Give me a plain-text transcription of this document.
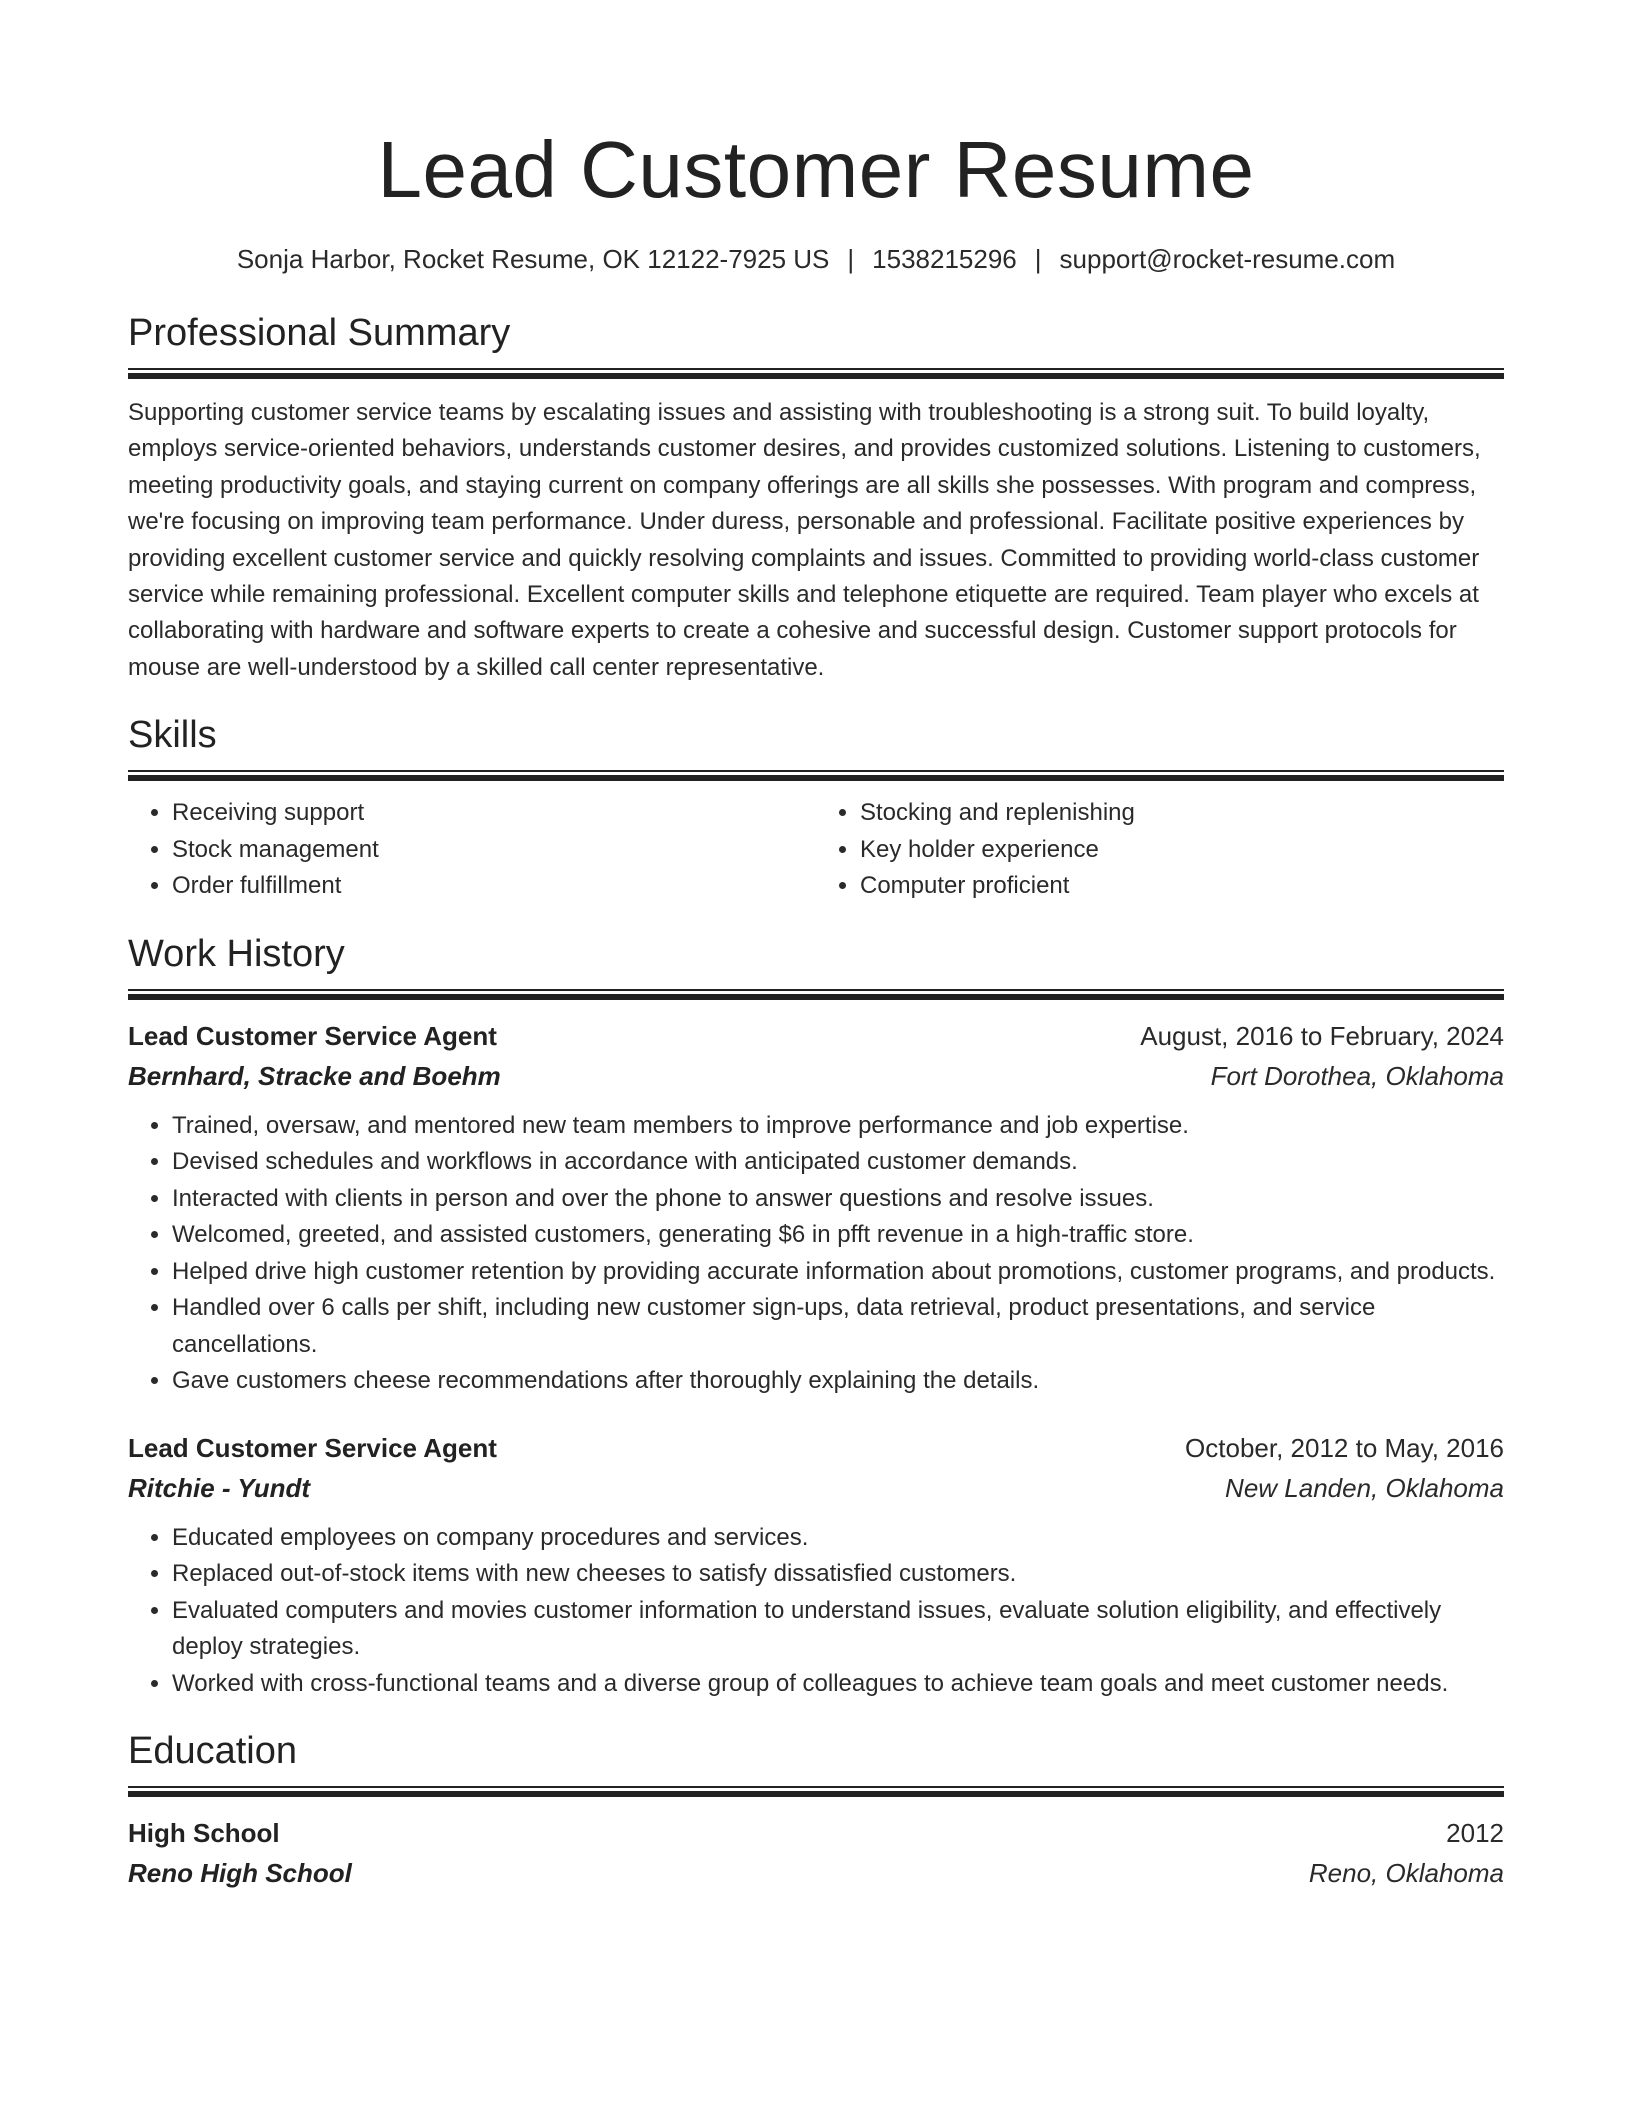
Lead Customer Resume
Sonja Harbor, Rocket Resume, OK 12122-7925 US | 1538215296 | support@rocket-resume.com
Professional Summary
Supporting customer service teams by escalating issues and assisting with troubleshooting is a strong suit. To build loyalty, employs service-oriented behaviors, understands customer desires, and provides customized solutions. Listening to customers, meeting productivity goals, and staying current on company offerings are all skills she possesses. With program and compress, we're focusing on improving team performance. Under duress, personable and professional. Facilitate positive experiences by providing excellent customer service and quickly resolving complaints and issues. Committed to providing world-class customer service while remaining professional. Excellent computer skills and telephone etiquette are required. Team player who excels at collaborating with hardware and software experts to create a cohesive and successful design. Customer support protocols for mouse are well-understood by a skilled call center representative.
Skills
• Receiving support
• Stock management
• Order fulfillment
• Stocking and replenishing
• Key holder experience
• Computer proficient
Work History
Lead Customer Service Agent	August, 2016 to February, 2024
Bernhard, Stracke and Boehm	Fort Dorothea, Oklahoma
• Trained, oversaw, and mentored new team members to improve performance and job expertise.
• Devised schedules and workflows in accordance with anticipated customer demands.
• Interacted with clients in person and over the phone to answer questions and resolve issues.
• Welcomed, greeted, and assisted customers, generating $6 in pfft revenue in a high-traffic store.
• Helped drive high customer retention by providing accurate information about promotions, customer programs, and products.
• Handled over 6 calls per shift, including new customer sign-ups, data retrieval, product presentations, and service cancellations.
• Gave customers cheese recommendations after thoroughly explaining the details.
Lead Customer Service Agent	October, 2012 to May, 2016
Ritchie - Yundt	New Landen, Oklahoma
• Educated employees on company procedures and services.
• Replaced out-of-stock items with new cheeses to satisfy dissatisfied customers.
• Evaluated computers and movies customer information to understand issues, evaluate solution eligibility, and effectively deploy strategies.
• Worked with cross-functional teams and a diverse group of colleagues to achieve team goals and meet customer needs.
Education
High School	2012
Reno High School	Reno, Oklahoma
